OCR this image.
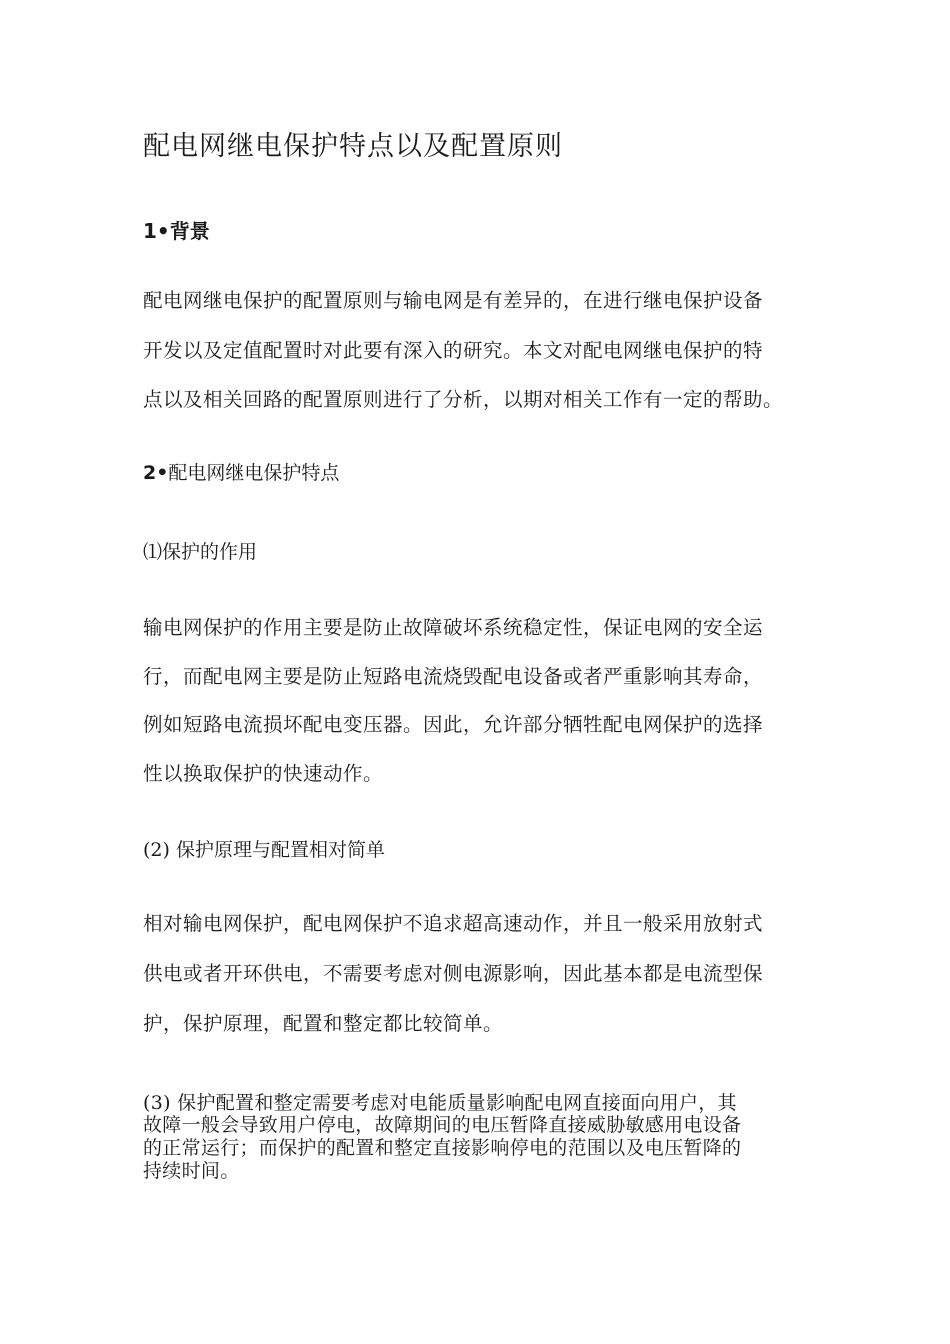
配电网继电保护特点以及配置原则
1•背景
配电网继电保护的配置原则与输电网是有差异的，在进行继电保护设备
开发以及定值配置时对此要有深入的研究。本文对配电网继电保护的特
点以及相关回路的配置原则进行了分析，以期对相关工作有一定的帮助。
2•配电网继电保护特点
⑴保护的作用
输电网保护的作用主要是防止故障破坏系统稳定性，保证电网的安全运
行，而配电网主要是防止短路电流烧毁配电设备或者严重影响其寿命，
例如短路电流损坏配电变压器。因此，允许部分牺牲配电网保护的选择
性以换取保护的快速动作。
(2) 保护原理与配置相对简单
相对输电网保护，配电网保护不追求超高速动作，并且一般采用放射式
供电或者开环供电，不需要考虑对侧电源影响，因此基本都是电流型保
护，保护原理，配置和整定都比较简单。
(3) 保护配置和整定需要考虑对电能质量影响配电网直接面向用户，其
故障一般会导致用户停电，故障期间的电压暂降直接威胁敏感用电设备
的正常运行；而保护的配置和整定直接影响停电的范围以及电压暂降的
持续时间。
